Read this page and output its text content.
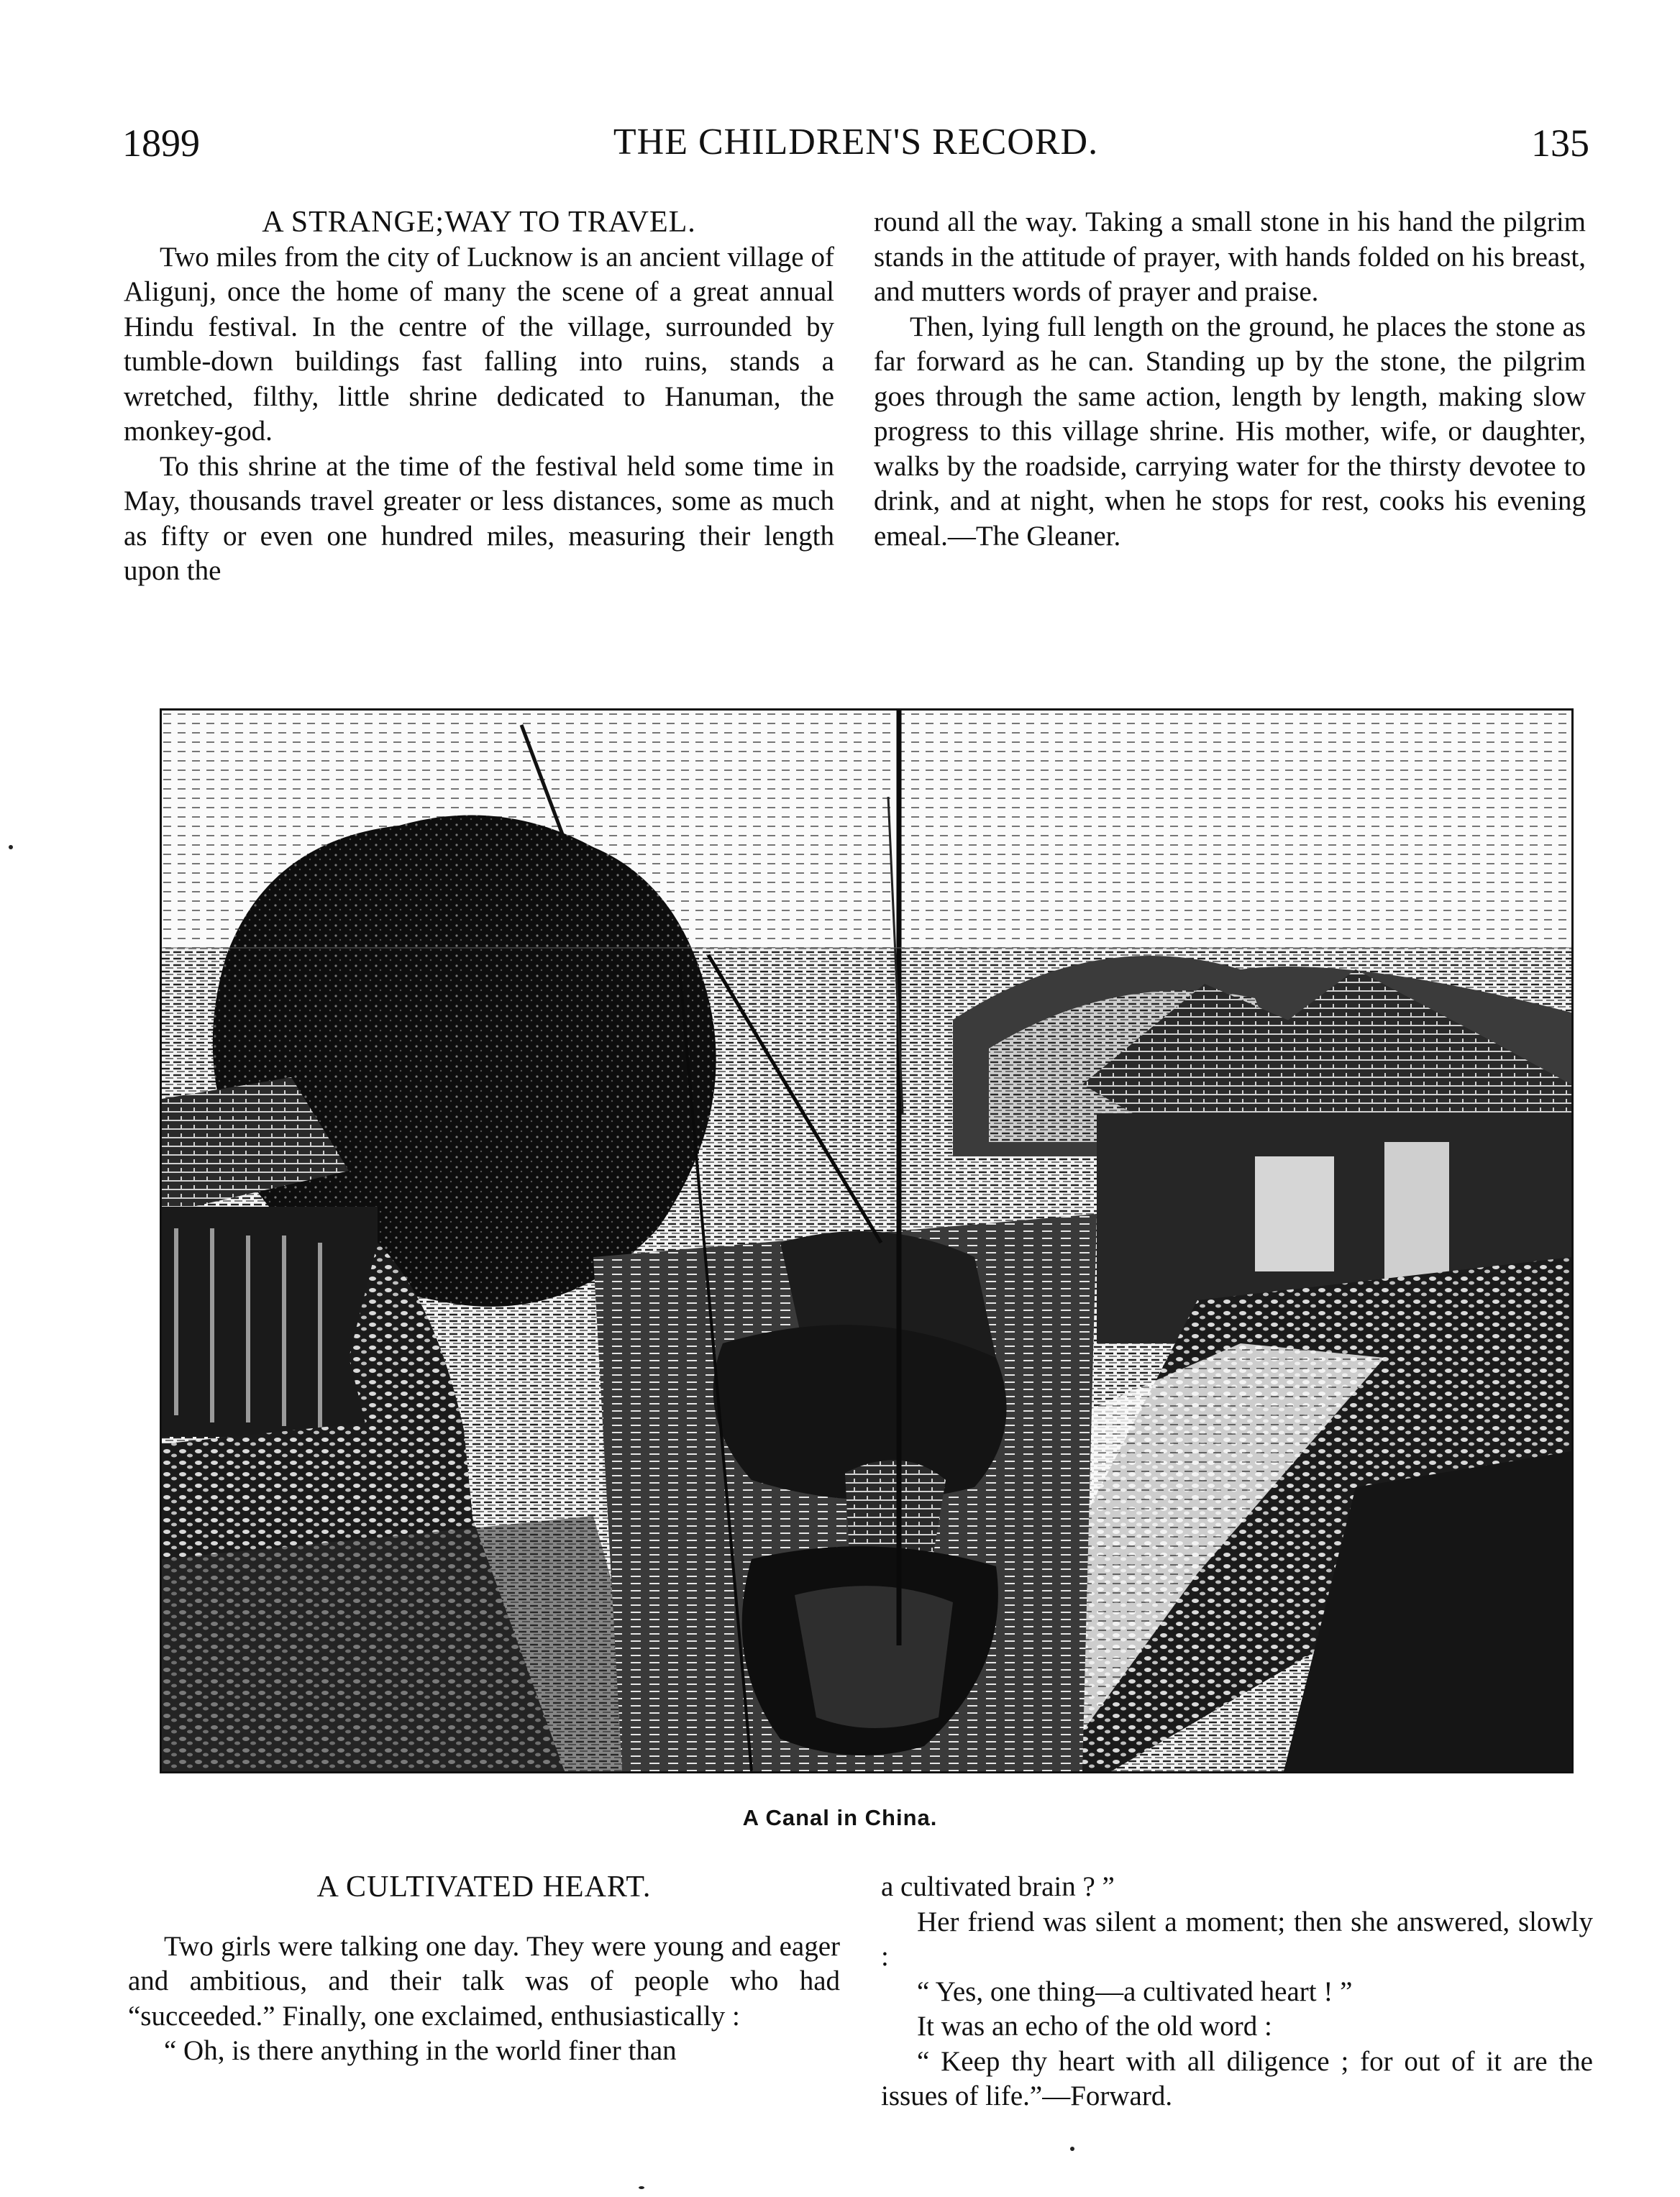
1899	THE CHILDREN'S RECORD.	135

A STRANGE;WAY TO TRAVEL.

Two miles from the city of Lucknow is an ancient village of Aligunj, once the home of many the scene of a great annual Hindu festival. In the centre of the village, surrounded by tumble-down buildings fast falling into ruins, stands a wretched, filthy, little shrine dedicated to Hanuman, the monkey-god.

To this shrine at the time of the festival held some time in May, thousands travel greater or less distances, some as much as fifty or even one hundred miles, measuring their length upon the

round all the way. Taking a small stone in his hand the pilgrim stands in the attitude of prayer, with hands folded on his breast, and mutters words of prayer and praise.

Then, lying full length on the ground, he places the stone as far forward as he can. Standing up by the stone, the pilgrim goes through the same action, length by length, making slow progress to this village shrine. His mother, wife, or daughter, walks by the roadside, carrying water for the thirsty devotee to drink, and at night, when he stops for rest, cooks his evening emeal.—The Gleaner.

A Canal in China.

A CULTIVATED HEART.

Two girls were talking one day. They were young and eager and ambitious, and their talk was of people who had “succeeded.” Finally, one exclaimed, enthusiastically :

“ Oh, is there anything in the world finer than

a cultivated brain ? ”

Her friend was silent a moment; then she answered, slowly :

“ Yes, one thing—a cultivated heart ! ”

It was an echo of the old word :

“ Keep thy heart with all diligence ; for out of it are the issues of life.”—Forward.
